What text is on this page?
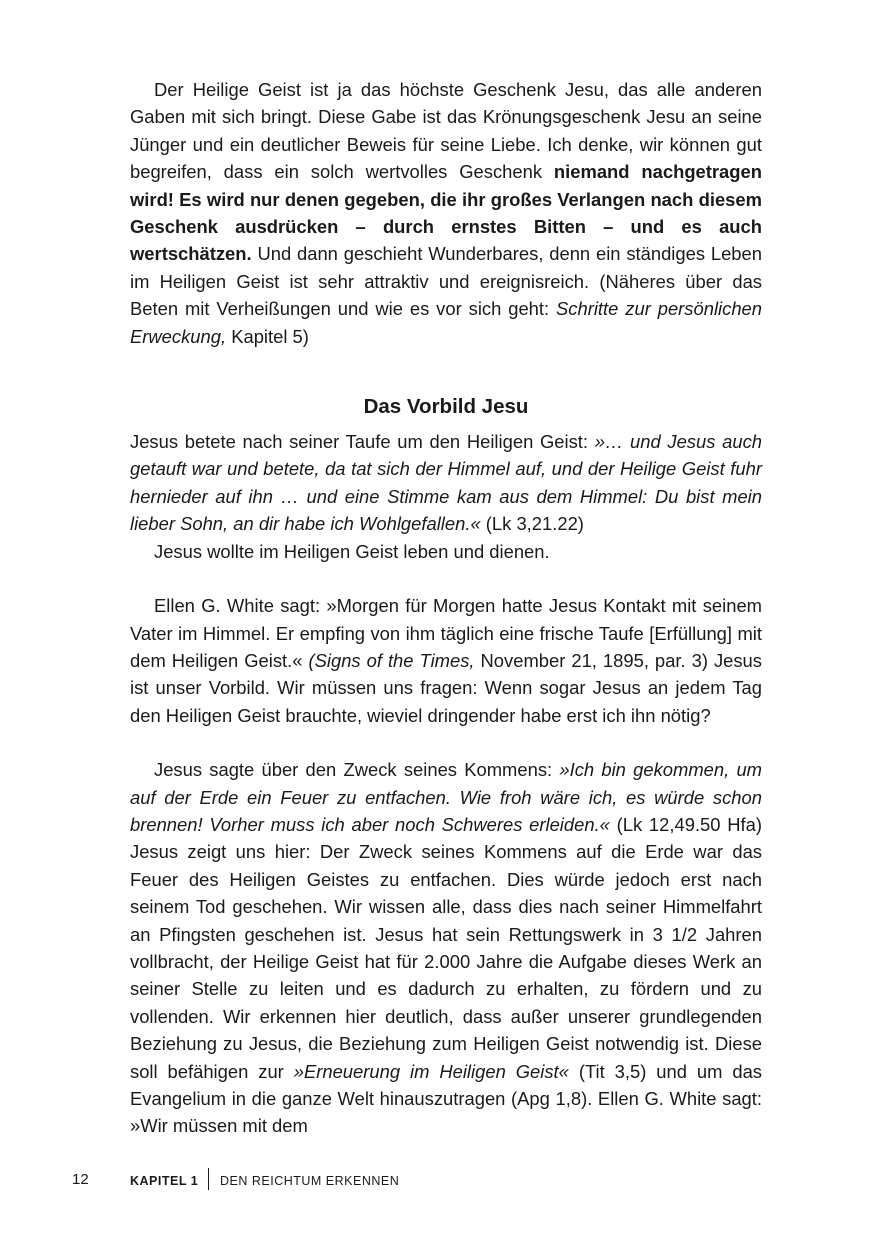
Der Heilige Geist ist ja das höchste Geschenk Jesu, das alle anderen Gaben mit sich bringt. Diese Gabe ist das Krönungsgeschenk Jesu an seine Jünger und ein deutlicher Beweis für seine Liebe. Ich denke, wir können gut begreifen, dass ein solch wertvolles Geschenk niemand nachgetragen wird! Es wird nur denen gegeben, die ihr großes Verlangen nach diesem Geschenk ausdrücken – durch ernstes Bitten – und es auch wertschätzen. Und dann geschieht Wunderbares, denn ein ständiges Leben im Heiligen Geist ist sehr attraktiv und ereignisreich. (Näheres über das Beten mit Verheißungen und wie es vor sich geht: Schritte zur persönlichen Erweckung, Kapitel 5)

Das Vorbild Jesu

Jesus betete nach seiner Taufe um den Heiligen Geist: »… und Jesus auch getauft war und betete, da tat sich der Himmel auf, und der Heilige Geist fuhr hernieder auf ihn … und eine Stimme kam aus dem Himmel: Du bist mein lieber Sohn, an dir habe ich Wohlgefallen.« (Lk 3,21.22)

Jesus wollte im Heiligen Geist leben und dienen.

Ellen G. White sagt: »Morgen für Morgen hatte Jesus Kontakt mit seinem Vater im Himmel. Er empfing von ihm täglich eine frische Taufe [Erfüllung] mit dem Heiligen Geist.« (Signs of the Times, November 21, 1895, par. 3) Jesus ist unser Vorbild. Wir müssen uns fragen: Wenn sogar Jesus an jedem Tag den Heiligen Geist brauchte, wieviel dringender habe erst ich ihn nötig?

Jesus sagte über den Zweck seines Kommens: »Ich bin gekommen, um auf der Erde ein Feuer zu entfachen. Wie froh wäre ich, es würde schon brennen! Vorher muss ich aber noch Schweres erleiden.« (Lk 12,49.50 Hfa) Jesus zeigt uns hier: Der Zweck seines Kommens auf die Erde war das Feuer des Heiligen Geistes zu entfachen. Dies würde jedoch erst nach seinem Tod geschehen. Wir wissen alle, dass dies nach seiner Himmelfahrt an Pfingsten geschehen ist. Jesus hat sein Rettungswerk in 3 1/2 Jahren vollbracht, der Heilige Geist hat für 2.000 Jahre die Aufgabe dieses Werk an seiner Stelle zu leiten und es dadurch zu erhalten, zu fördern und zu vollenden. Wir erkennen hier deutlich, dass außer unserer grundlegenden Beziehung zu Jesus, die Beziehung zum Heiligen Geist notwendig ist. Diese soll befähigen zur »Erneuerung im Heiligen Geist« (Tit 3,5) und um das Evangelium in die ganze Welt hinauszutragen (Apg 1,8). Ellen G. White sagt: »Wir müssen mit dem

12	KAPITEL 1 DEN REICHTUM ERKENNEN
